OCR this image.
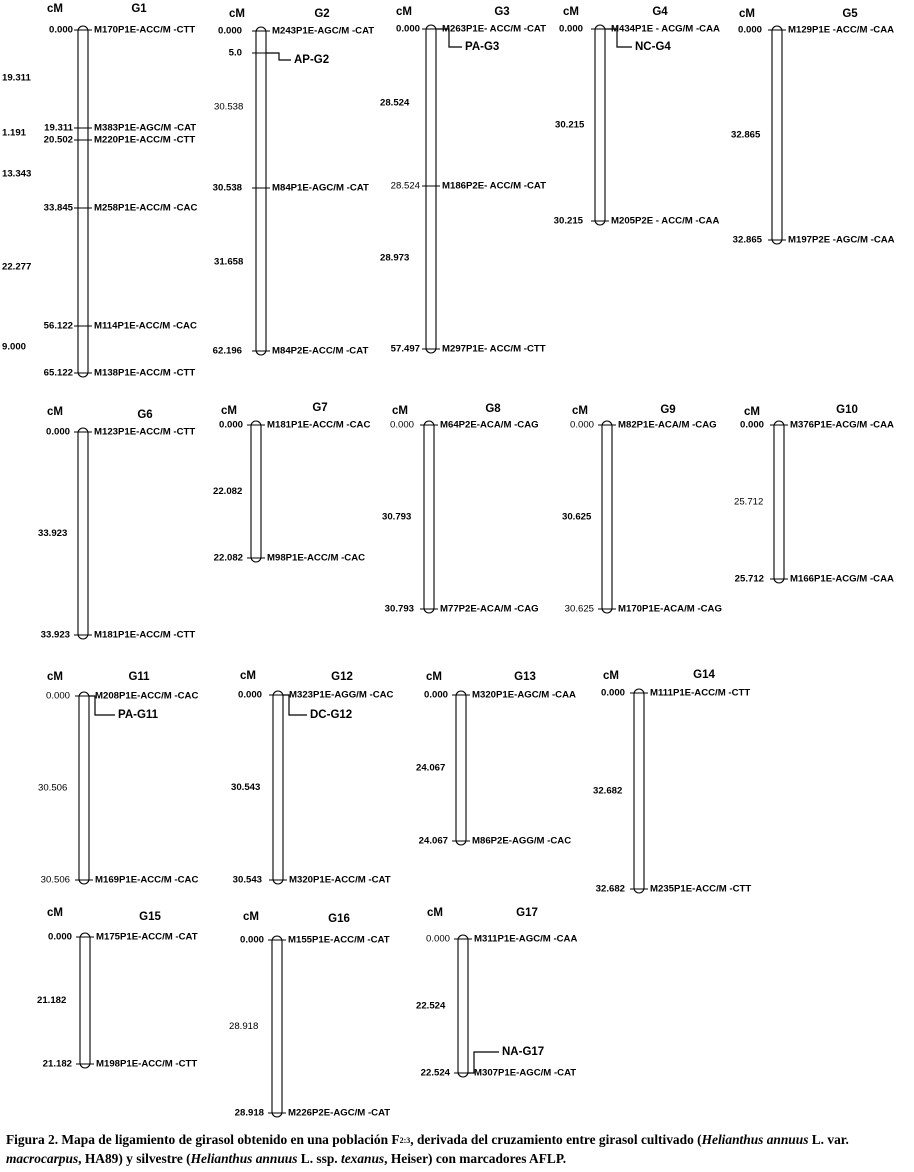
cM	G1
0.000 M170P1E-ACC/M -CTT
19.311 M383P1E-AGC/M -CAT
20.502 M220P1E-ACC/M -CTT
33.845 M258P1E-ACC/M -CAC
56.122 M114P1E-ACC/M -CAC
65.122 M138P1E-ACC/M -CTT
19.311
1.191
13.343
22.277
9.000
cM	G2
0.000	M243P1E-AGC/M -CAT
5.0
30.538	M84P1E-AGC/M -CAT
62.196	M84P2E-ACC/M -CAT
30.538
31.658
AP-G2
cM	G3
0.000 M263P1E- ACC/M -CAT
28.524 M186P2E- ACC/M -CAT
57.497 M297P1E- ACC/M -CTT
28.524
28.973
PA-G3
cM	G4
0.000	M434P1E - ACG/M -CAA
30.215	M205P2E - ACC/M -CAA
30.215
NC-G4
cM	G5
0.000	M129P1E -ACC/M -CAA
32.865	M197P2E -AGC/M -CAA
32.865
cM	G6
0.000	M123P1E-ACC/M -CTT
33.923	M181P1E-ACC/M -CTT
33.923
cM	G7
0.000	M181P1E-ACC/M -CAC
22.082	M98P1E-ACC/M -CAC
22.082
cM	G8
0.000	M64P2E-ACA/M -CAG
30.793	M77P2E-ACA/M -CAG
30.793
cM	G9
0.000	M82P1E-ACA/M -CAG
30.625	M170P1E-ACA/M -CAG
30.625
cM	G10
0.000	M376P1E-ACG/M -CAA
25.712	M166P1E-ACG/M -CAA
25.712
cM	G11
0.000	M208P1E-ACC/M -CAC
30.506	M169P1E-ACC/M -CAC
30.506
PA-G11
cM	G12
0.000	M323P1E-AGG/M -CAC
30.543	M320P1E-ACC/M -CAT
30.543
DC-G12
cM	G13
0.000	M320P1E-AGC/M -CAA
24.067	M86P2E-AGG/M -CAC
24.067
cM	G14
0.000	M111P1E-ACC/M -CTT
32.682	M235P1E-ACC/M -CTT
32.682
cM	G15
0.000	M175P1E-ACC/M -CAT
21.182	M198P1E-ACC/M -CTT
21.182
cM	G16
0.000	M155P1E-ACC/M -CAT
28.918	M226P2E-AGC/M -CAT
28.918
cM	G17
0.000	M311P1E-AGC/M -CAA
22.524	M307P1E-AGC/M -CAT
22.524
NA-G17
Figura 2. Mapa de ligamiento de girasol obtenido en una población $F_{2:3}$, derivada del cruzamiento entre girasol cultivado (Helianthus annuus L. var. macrocarpus, HA89) y silvestre (Helianthus annuus L. ssp. texanus, Heiser) con marcadores AFLP.
